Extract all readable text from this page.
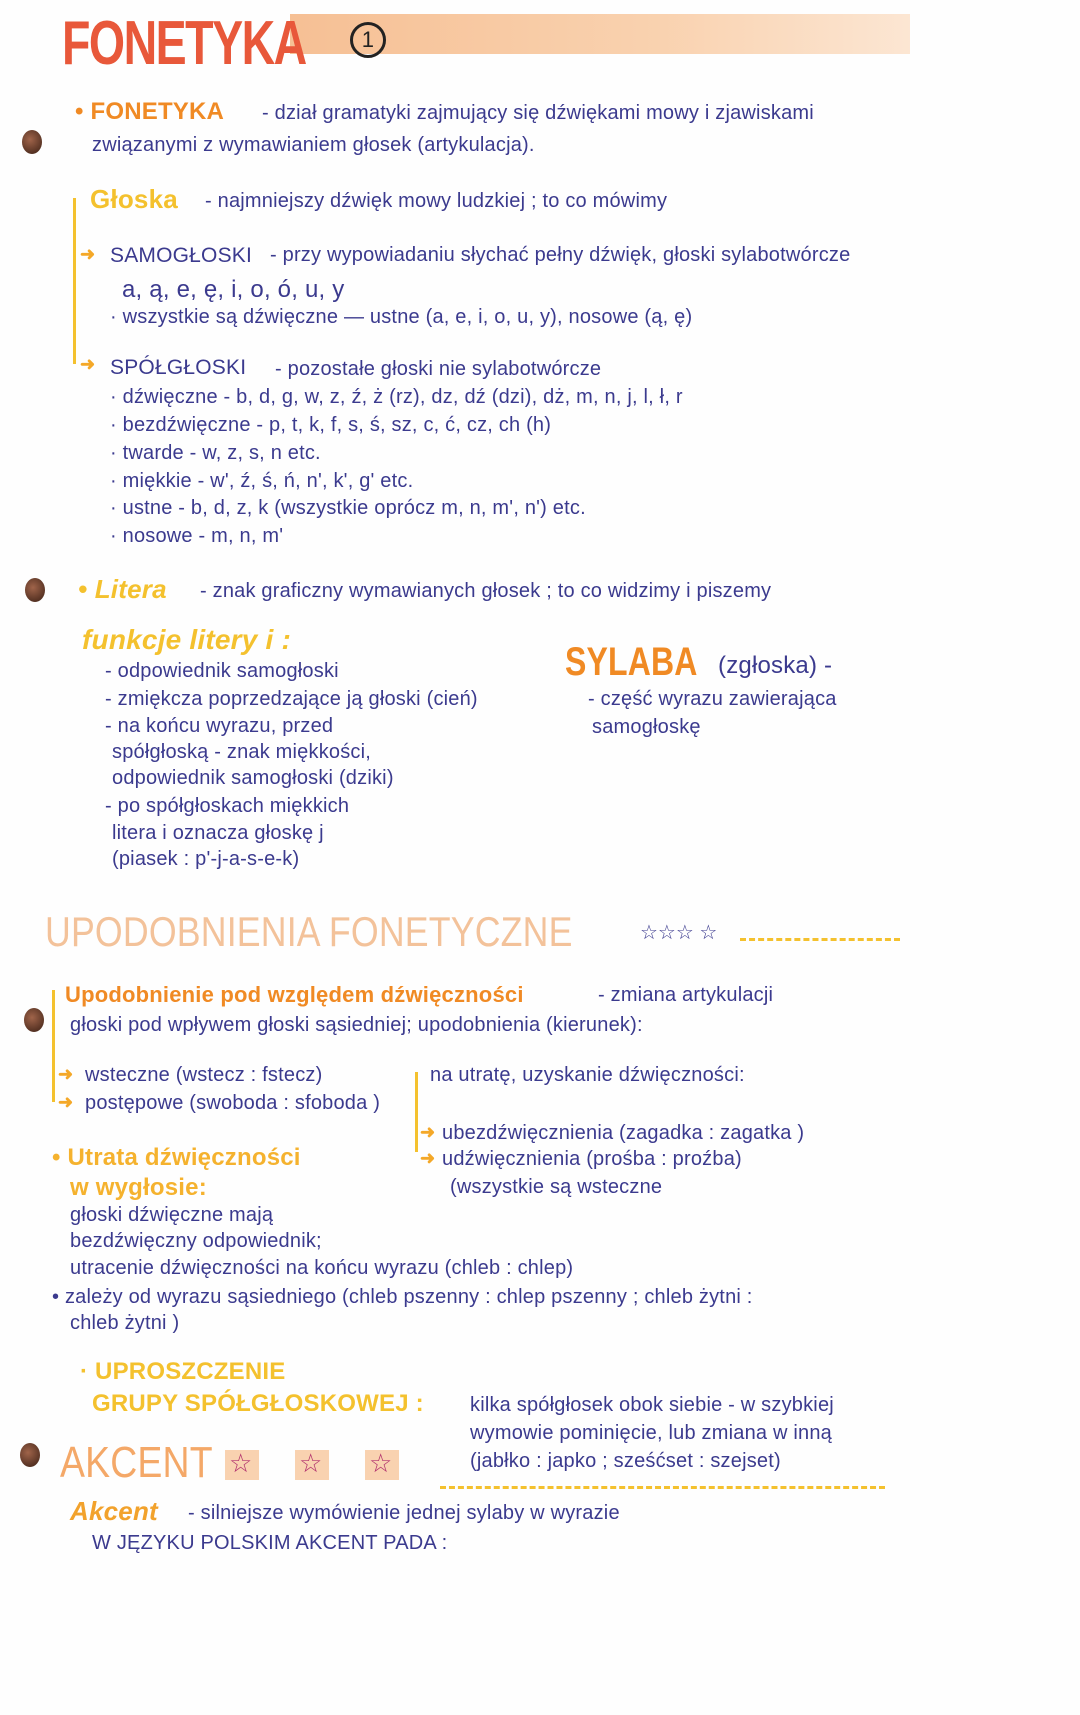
FONETYKA	1
• FONETYKA - dział gramatyki zajmujący się dźwiękami mowy i zjawiskami
związanymi z wymawianiem głosek (artykulacja).
Głoska - najmniejszy dźwięk mowy ludzkiej ; to co mówimy
➜ SAMOGŁOSKI - przy wypowiadaniu słychać pełny dźwięk, głoski sylabotwórcze
a, ą, e, ę, i, o, ó, u, y
· wszystkie są dźwięczne — ustne (a, e, i, o, u, y), nosowe (ą, ę)
➜ SPÓŁGŁOSKI - pozostałe głoski nie sylabotwórcze
· dźwięczne - b, d, g, w, z, ź, ż (rz), dz, dź (dzi), dż, m, n, j, l, ł, r
· bezdźwięczne - p, t, k, f, s, ś, sz, c, ć, cz, ch (h)
· twarde - w, z, s, n etc.
· miękkie - w', ź, ś, ń, n', k', g' etc.
· ustne - b, d, z, k (wszystkie oprócz m, n, m', n') etc.
· nosowe - m, n, m'
• Litera - znak graficzny wymawianych głosek ; to co widzimy i piszemy
funkcje litery i :
- odpowiednik samogłoski
- zmiękcza poprzedzające ją głoski (cień)
- na końcu wyrazu, przed
spółgłoską - znak miękkości,
odpowiednik samogłoski (dziki)
- po spółgłoskach miękkich
litera i oznacza głoskę j
(piasek : p'-j-a-s-e-k)
SYLABA (zgłoska) -
- część wyrazu zawierająca
samogłoskę
UPODOBNIENIA FONETYCZNE	☆☆☆ ☆
Upodobnienie pod względem dźwięczności	- zmiana artykulacji
głoski pod wpływem głoski sąsiedniej; upodobnienia (kierunek):
➜ wsteczne (wstecz : fstecz)
➜ postępowe (swoboda : sfoboda )
na utratę, uzyskanie dźwięczności:
➜ ubezdźwięcznienia (zagadka : zagatka )
➜ udźwięcznienia (prośba : proźba)
(wszystkie są wsteczne
• Utrata dźwięczności
w wygłosie:
głoski dźwięczne mają
bezdźwięczny odpowiednik;
utracenie dźwięczności na końcu wyrazu (chleb : chlep)
• zależy od wyrazu sąsiedniego (chleb pszenny : chlep pszenny ; chleb żytni :
chleb żytni )
· UPROSZCZENIE
GRUPY SPÓŁGŁOSKOWEJ : kilka spółgłosek obok siebie - w szybkiej
wymowie pominięcie, lub zmiana w inną
(jabłko : japko ; sześćset : szejset)
AKCENT ☆ ☆ ☆
Akcent - silniejsze wymówienie jednej sylaby w wyrazie
W JĘZYKU POLSKIM AKCENT PADA :
